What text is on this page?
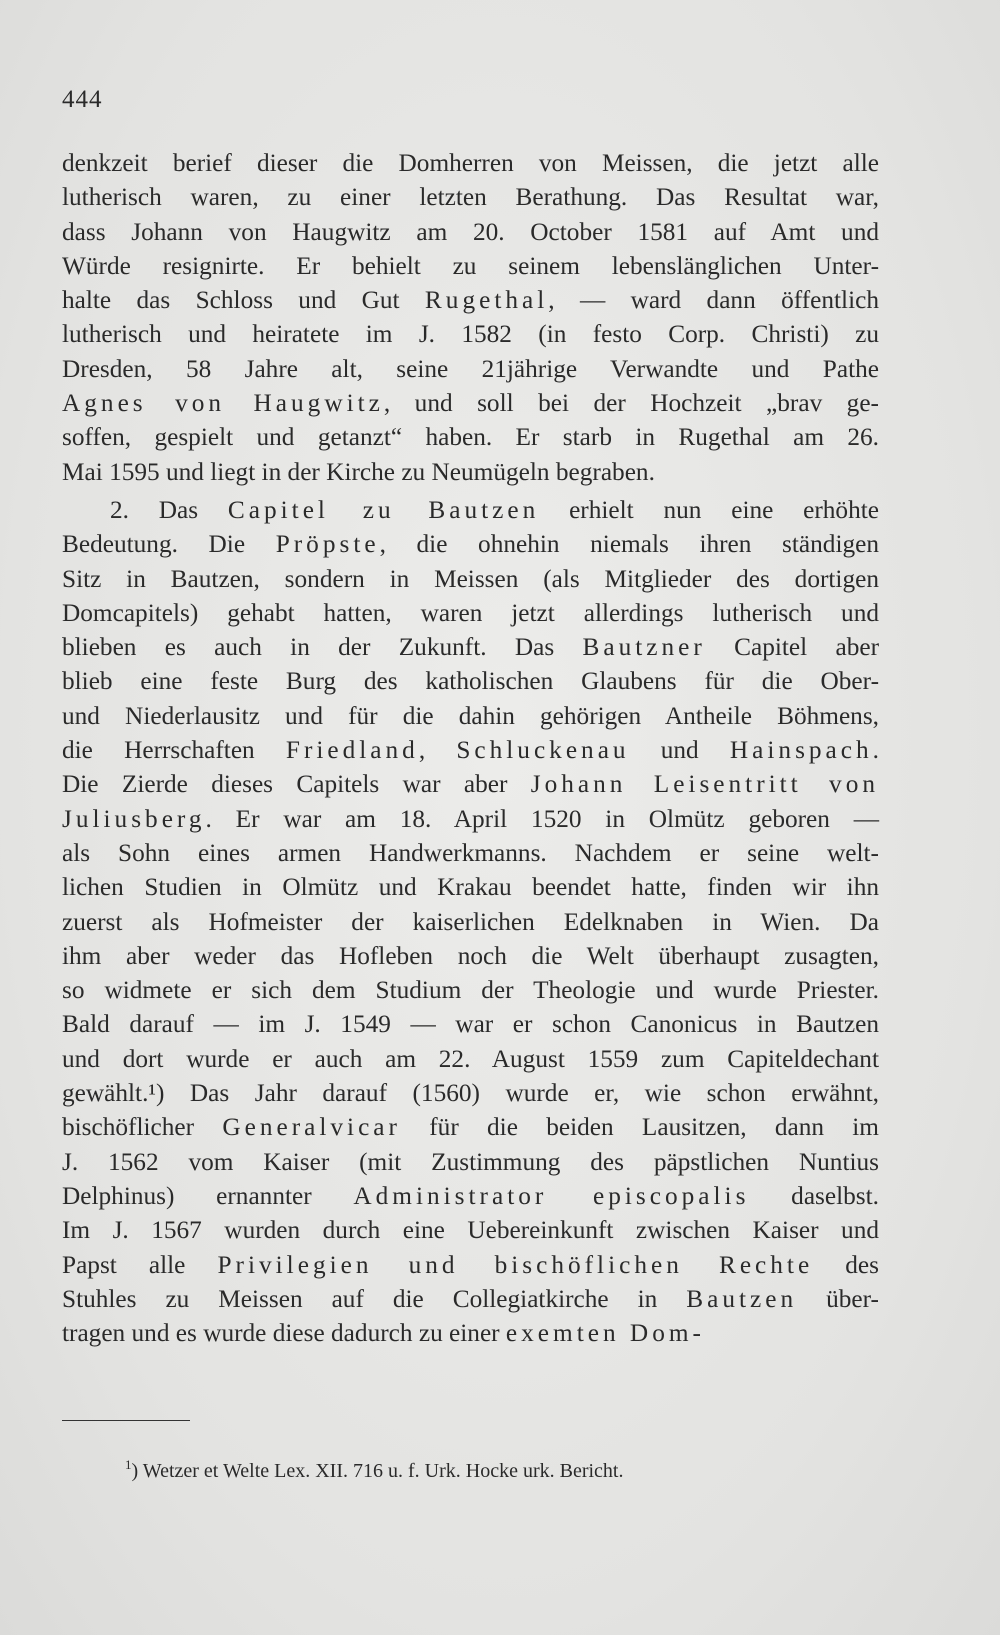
444
denkzeit berief dieser die Domherren von Meissen, die jetzt alle
lutherisch waren, zu einer letzten Berathung. Das Resultat war,
dass Johann von Haugwitz am 20. October 1581 auf Amt und
Würde resignirte. Er behielt zu seinem lebenslänglichen Unter-
halte das Schloss und Gut Rugethal, — ward dann öffentlich
lutherisch und heiratete im J. 1582 (in festo Corp. Christi) zu
Dresden, 58 Jahre alt, seine 21jährige Verwandte und Pathe
Agnes von Haugwitz, und soll bei der Hochzeit „brav ge-
soffen, gespielt und getanzt“ haben. Er starb in Rugethal am 26.
Mai 1595 und liegt in der Kirche zu Neumügeln begraben.
2. Das Capitel zu Bautzen erhielt nun eine erhöhte
Bedeutung. Die Pröpste, die ohnehin niemals ihren ständigen
Sitz in Bautzen, sondern in Meissen (als Mitglieder des dortigen
Domcapitels) gehabt hatten, waren jetzt allerdings lutherisch und
blieben es auch in der Zukunft. Das Bautzner Capitel aber
blieb eine feste Burg des katholischen Glaubens für die Ober-
und Niederlausitz und für die dahin gehörigen Antheile Böhmens,
die Herrschaften Friedland, Schluckenau und Hainspach.
Die Zierde dieses Capitels war aber Johann Leisentritt von
Juliusberg. Er war am 18. April 1520 in Olmütz geboren —
als Sohn eines armen Handwerkmanns. Nachdem er seine welt-
lichen Studien in Olmütz und Krakau beendet hatte, finden wir ihn
zuerst als Hofmeister der kaiserlichen Edelknaben in Wien. Da
ihm aber weder das Hofleben noch die Welt überhaupt zusagten,
so widmete er sich dem Studium der Theologie und wurde Priester.
Bald darauf — im J. 1549 — war er schon Canonicus in Bautzen
und dort wurde er auch am 22. August 1559 zum Capiteldechant
gewählt.¹) Das Jahr darauf (1560) wurde er, wie schon erwähnt,
bischöflicher Generalvicar für die beiden Lausitzen, dann im
J. 1562 vom Kaiser (mit Zustimmung des päpstlichen Nuntius
Delphinus) ernannter Administrator episcopalis daselbst.
Im J. 1567 wurden durch eine Uebereinkunft zwischen Kaiser und
Papst alle Privilegien und bischöflichen Rechte des
Stuhles zu Meissen auf die Collegiatkirche in Bautzen über-
tragen und es wurde diese dadurch zu einer exemten Dom-
$^1$) Wetzer et Welte Lex. XII. 716 u. f. Urk. Hocke urk. Bericht.
